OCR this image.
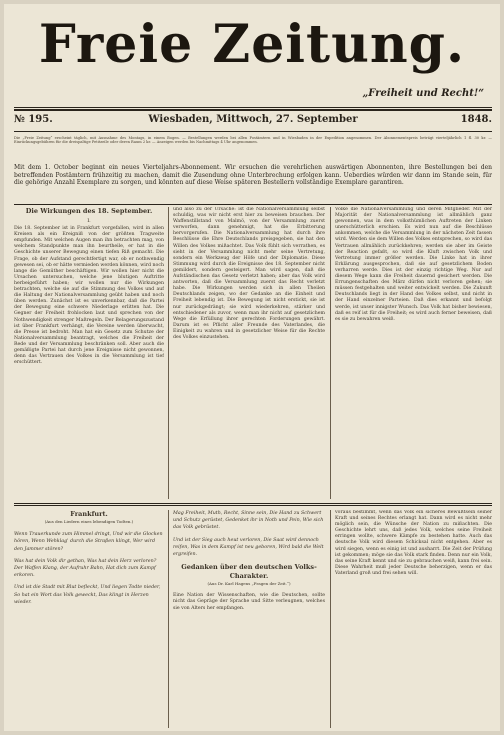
Freie Zeitung.
„Freiheit und Recht!“
№ 195.	Wiesbaden, Mittwoch, 27. September	1848.
Die „Freie Zeitung“ erscheint täglich, mit Ausnahme des Montags, in einem Bogen. — Bestellungen werden bei allen Postämtern und in Wiesbaden in der Expedition angenommen. Der Abonnementspreis beträgt vierteljährlich 1 fl. 30 kr. — Einrückungsgebühren für die dreispaltige Petitzeile oder deren Raum 2 kr. — Anzeigen werden bis Nachmittags 4 Uhr angenommen.
Mit dem 1. October beginnt ein neues Vierteljahrs-Abonnement. Wir ersuchen die verehrlichen auswärtigen Abonnenten, ihre Bestellungen bei den betreffenden Postämtern frühzeitig zu machen, damit die Zusendung ohne Unterbrechung erfolgen kann. Ueberdies würden wir dann im Stande sein, für die gehörige Anzahl Exemplare zu sorgen, und könnten auf diese Weise späteren Bestellern vollständige Exemplare garantiren.
Die Wirkungen des 18. September.
I.
Die 18. September ist in Frankfurt vorgefallen, wird in allen Kreisen als ein Ereigniß von der größten Tragweite empfunden. Mit welchen Augen man ihn betrachten mag, von welchem Standpunkte man ihn beurtheile, er hat in die Geschichte unserer Bewegung einen tiefen Riß gemacht. Die Frage, ob der Aufstand gerechtfertigt war, ob er nothwendig gewesen sei, ob er hätte vermieden werden können, wird noch lange die Gemüther beschäftigen. Wir wollen hier nicht die Ursachen untersuchen, welche jene blutigen Auftritte herbeigeführt haben; wir wollen nur die Wirkungen betrachten, welche sie auf die Stimmung des Volkes und auf die Haltung der Nationalversammlung geübt haben und noch üben werden. Zunächst ist es unverkennbar, daß die Partei der Bewegung eine schwere Niederlage erlitten hat. Die Gegner der Freiheit frohlocken laut und sprechen von der Nothwendigkeit strenger Maßregeln. Der Belagerungszustand ist über Frankfurt verhängt, die Vereine werden überwacht, die Presse ist bedroht. Man hat ein Gesetz zum Schutze der Nationalversammlung beantragt, welches die Freiheit der Rede und der Versammlung beschränken soll. Aber auch die gemäßigte Partei hat durch jene Ereignisse nicht gewonnen, denn das Vertrauen des Volkes in die Versammlung ist tief erschüttert.
und also zu der Ursache: ist die Nationalversammlung selbst schuldig, was wir nicht erst hier zu beweisen brauchen. Der Waffenstillstand von Malmö, von der Versammlung zuerst verworfen, dann genehmigt, hat die Erbitterung hervorgerufen. Die Nationalversammlung hat durch ihre Beschlüsse die Ehre Deutschlands preisgegeben, sie hat den Willen des Volkes mißachtet. Das Volk fühlt sich verrathen, es sieht in der Versammlung nicht mehr seine Vertretung, sondern ein Werkzeug der Höfe und der Diplomatie. Diese Stimmung wird durch die Ereignisse des 18. September nicht gemildert, sondern gesteigert. Man wird sagen, daß die Aufständischen das Gesetz verletzt haben; aber das Volk wird antworten, daß die Versammlung zuerst das Recht verletzt habe. Die Wirkungen werden sich in allen Theilen Deutschlands zeigen, wo der Gedanke an die Einheit und Freiheit lebendig ist. Die Bewegung ist nicht erstickt, sie ist nur zurückgedrängt; sie wird wiederkehren, stärker und entschiedener als zuvor, wenn man ihr nicht auf gesetzlichem Wege die Erfüllung ihrer gerechten Forderungen gewährt. Darum ist es Pflicht aller Freunde des Vaterlandes, die Einigkeit zu wahren und in gesetzlicher Weise für die Rechte des Volkes einzustehen.
Volke die Nationalversammlung und deren Mitglieder. Mit der Majorität der Nationalversammlung ist allmählich ganz gewonnen, was in dem volksthümlichen Auftreten der Linken unerschütterlich erschien. Es wird nun auf die Beschlüsse ankommen, welche die Versammlung in der nächsten Zeit fassen wird. Werden sie dem Willen des Volkes entsprechen, so wird das Vertrauen allmählich zurückkehren; werden sie aber im Geiste der Reaction gefaßt, so wird die Kluft zwischen Volk und Vertretung immer größer werden. Die Linke hat in ihrer Erklärung ausgesprochen, daß sie auf gesetzlichem Boden verharren werde. Dies ist der einzig richtige Weg. Nur auf diesem Wege kann die Freiheit dauernd gesichert werden. Die Errungenschaften des März dürfen nicht verloren gehen; sie müssen festgehalten und weiter entwickelt werden. Die Zukunft Deutschlands liegt in der Hand des Volkes selbst, und nicht in der Hand einzelner Parteien. Daß dies erkannt und befolgt werde, ist unser innigster Wunsch. Das Volk hat bisher bewiesen, daß es reif ist für die Freiheit; es wird auch ferner beweisen, daß es sie zu bewahren weiß.
Frankfurt.
(Aus den Liedern eines lebendigen Todten.)
Wenn Trauerkunde zum Himmel dringt, Und wir die Glocken hören, Wenn Wehklag' durch die Straßen klingt, Wer wird den Jammer stören?
Was hat dein Volk dir gethan, Was hat dein Herz verloren? Der Waffen Klang, der Aufruhr Bahn, Hat dich zum Kampf erkoren.
Und ist die Stadt mit Blut befleckt, Und liegen Todte nieder, So hat ein Wort das Volk geweckt, Das klingt in Herzen wieder.
Mag Freiheit, Muth, Recht, Sinne sein, Die Hand zu Schwert und Schutz gerüstet, Gedenket ihr in Noth und Pein, Wie sich das Volk gebrüstet.
Und ist der Sieg auch heut verloren, Die Saat wird dennoch reifen, Was in dem Kampf ist neu geboren, Wird bald die Welt ergreifen.
Gedanken über den deutschen Volks-Charakter.
(Aus Dr. Karl Hagens „Fragen der Zeit.“)
Eine Nation der Wissenschaften, wie die Deutschen, sollte nicht das Gepräge der Sprache und Sitte verleugnen, welches sie von Alters her empfangen.
voraus bestimmt, wenn das Volk ein sicheres Bewußtsein seiner Kraft und seines Rechtes erlangt hat. Dann wird es nicht mehr möglich sein, die Wünsche der Nation zu mißachten. Die Geschichte lehrt uns, daß jedes Volk, welches seine Freiheit erringen wollte, schwere Kämpfe zu bestehen hatte. Auch das deutsche Volk wird diesem Schicksal nicht entgehen. Aber es wird siegen, wenn es einig ist und ausharrt. Die Zeit der Prüfung ist gekommen; möge sie das Volk stark finden. Denn nur ein Volk, das seine Kraft kennt und sie zu gebrauchen weiß, kann frei sein. Diese Wahrheit muß jeder Deutsche beherzigen, wenn er das Vaterland groß und frei sehen will.
